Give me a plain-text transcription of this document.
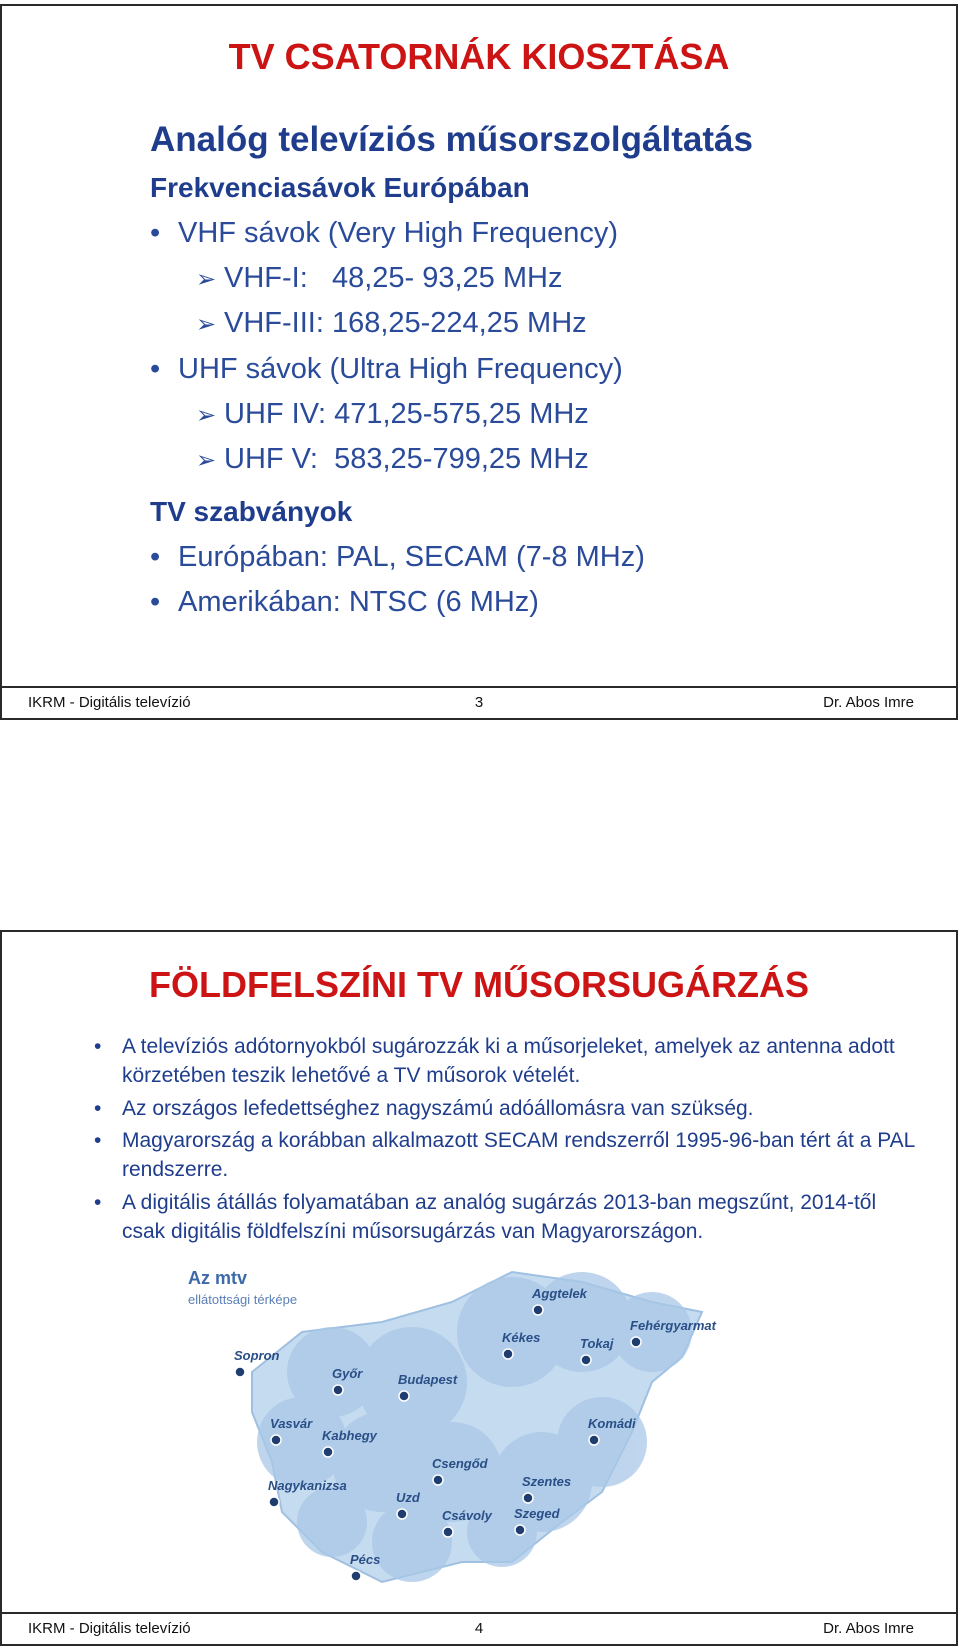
TV CSATORNÁK KIOSZTÁSA
Analóg televíziós műsorszolgáltatás
Frekvenciasávok Európában
• VHF sávok (Very High Frequency)
➢ VHF-I:   48,25- 93,25 MHz
➢ VHF-III: 168,25-224,25 MHz
• UHF sávok (Ultra High Frequency)
➢ UHF IV: 471,25-575,25 MHz
➢ UHF V:  583,25-799,25 MHz
TV szabványok
• Európában: PAL, SECAM (7-8 MHz)
• Amerikában: NTSC (6 MHz)
IKRM - Digitális televízió	3	Dr. Abos Imre
FÖLDFELSZÍNI TV MŰSORSUGÁRZÁS
• A televíziós adótornyokból sugározzák ki a műsorjeleket, amelyek az antenna adott körzetében teszik lehetővé a TV műsorok vételét.
• Az országos lefedettséghez nagyszámú adóállomásra van szükség.
• Magyarország a korábban alkalmazott SECAM rendszerről 1995-96-ban tért át a PAL rendszerre.
• A digitális átállás folyamatában az analóg sugárzás 2013-ban megszűnt, 2014-től csak digitális földfelszíni műsorsugárzás van Magyarországon.
Az mtv
ellátottsági térképe	Aggtelek
Fehérgyarmat
Kékes	Tokaj
Sopron
Győr	Budapest
Vasvár
Kabhegy
Komádi
Csengőd
Nagykanizsa	Szentes
Uzd
Csávoly Szeged
Pécs
IKRM - Digitális televízió	4	Dr. Abos Imre
